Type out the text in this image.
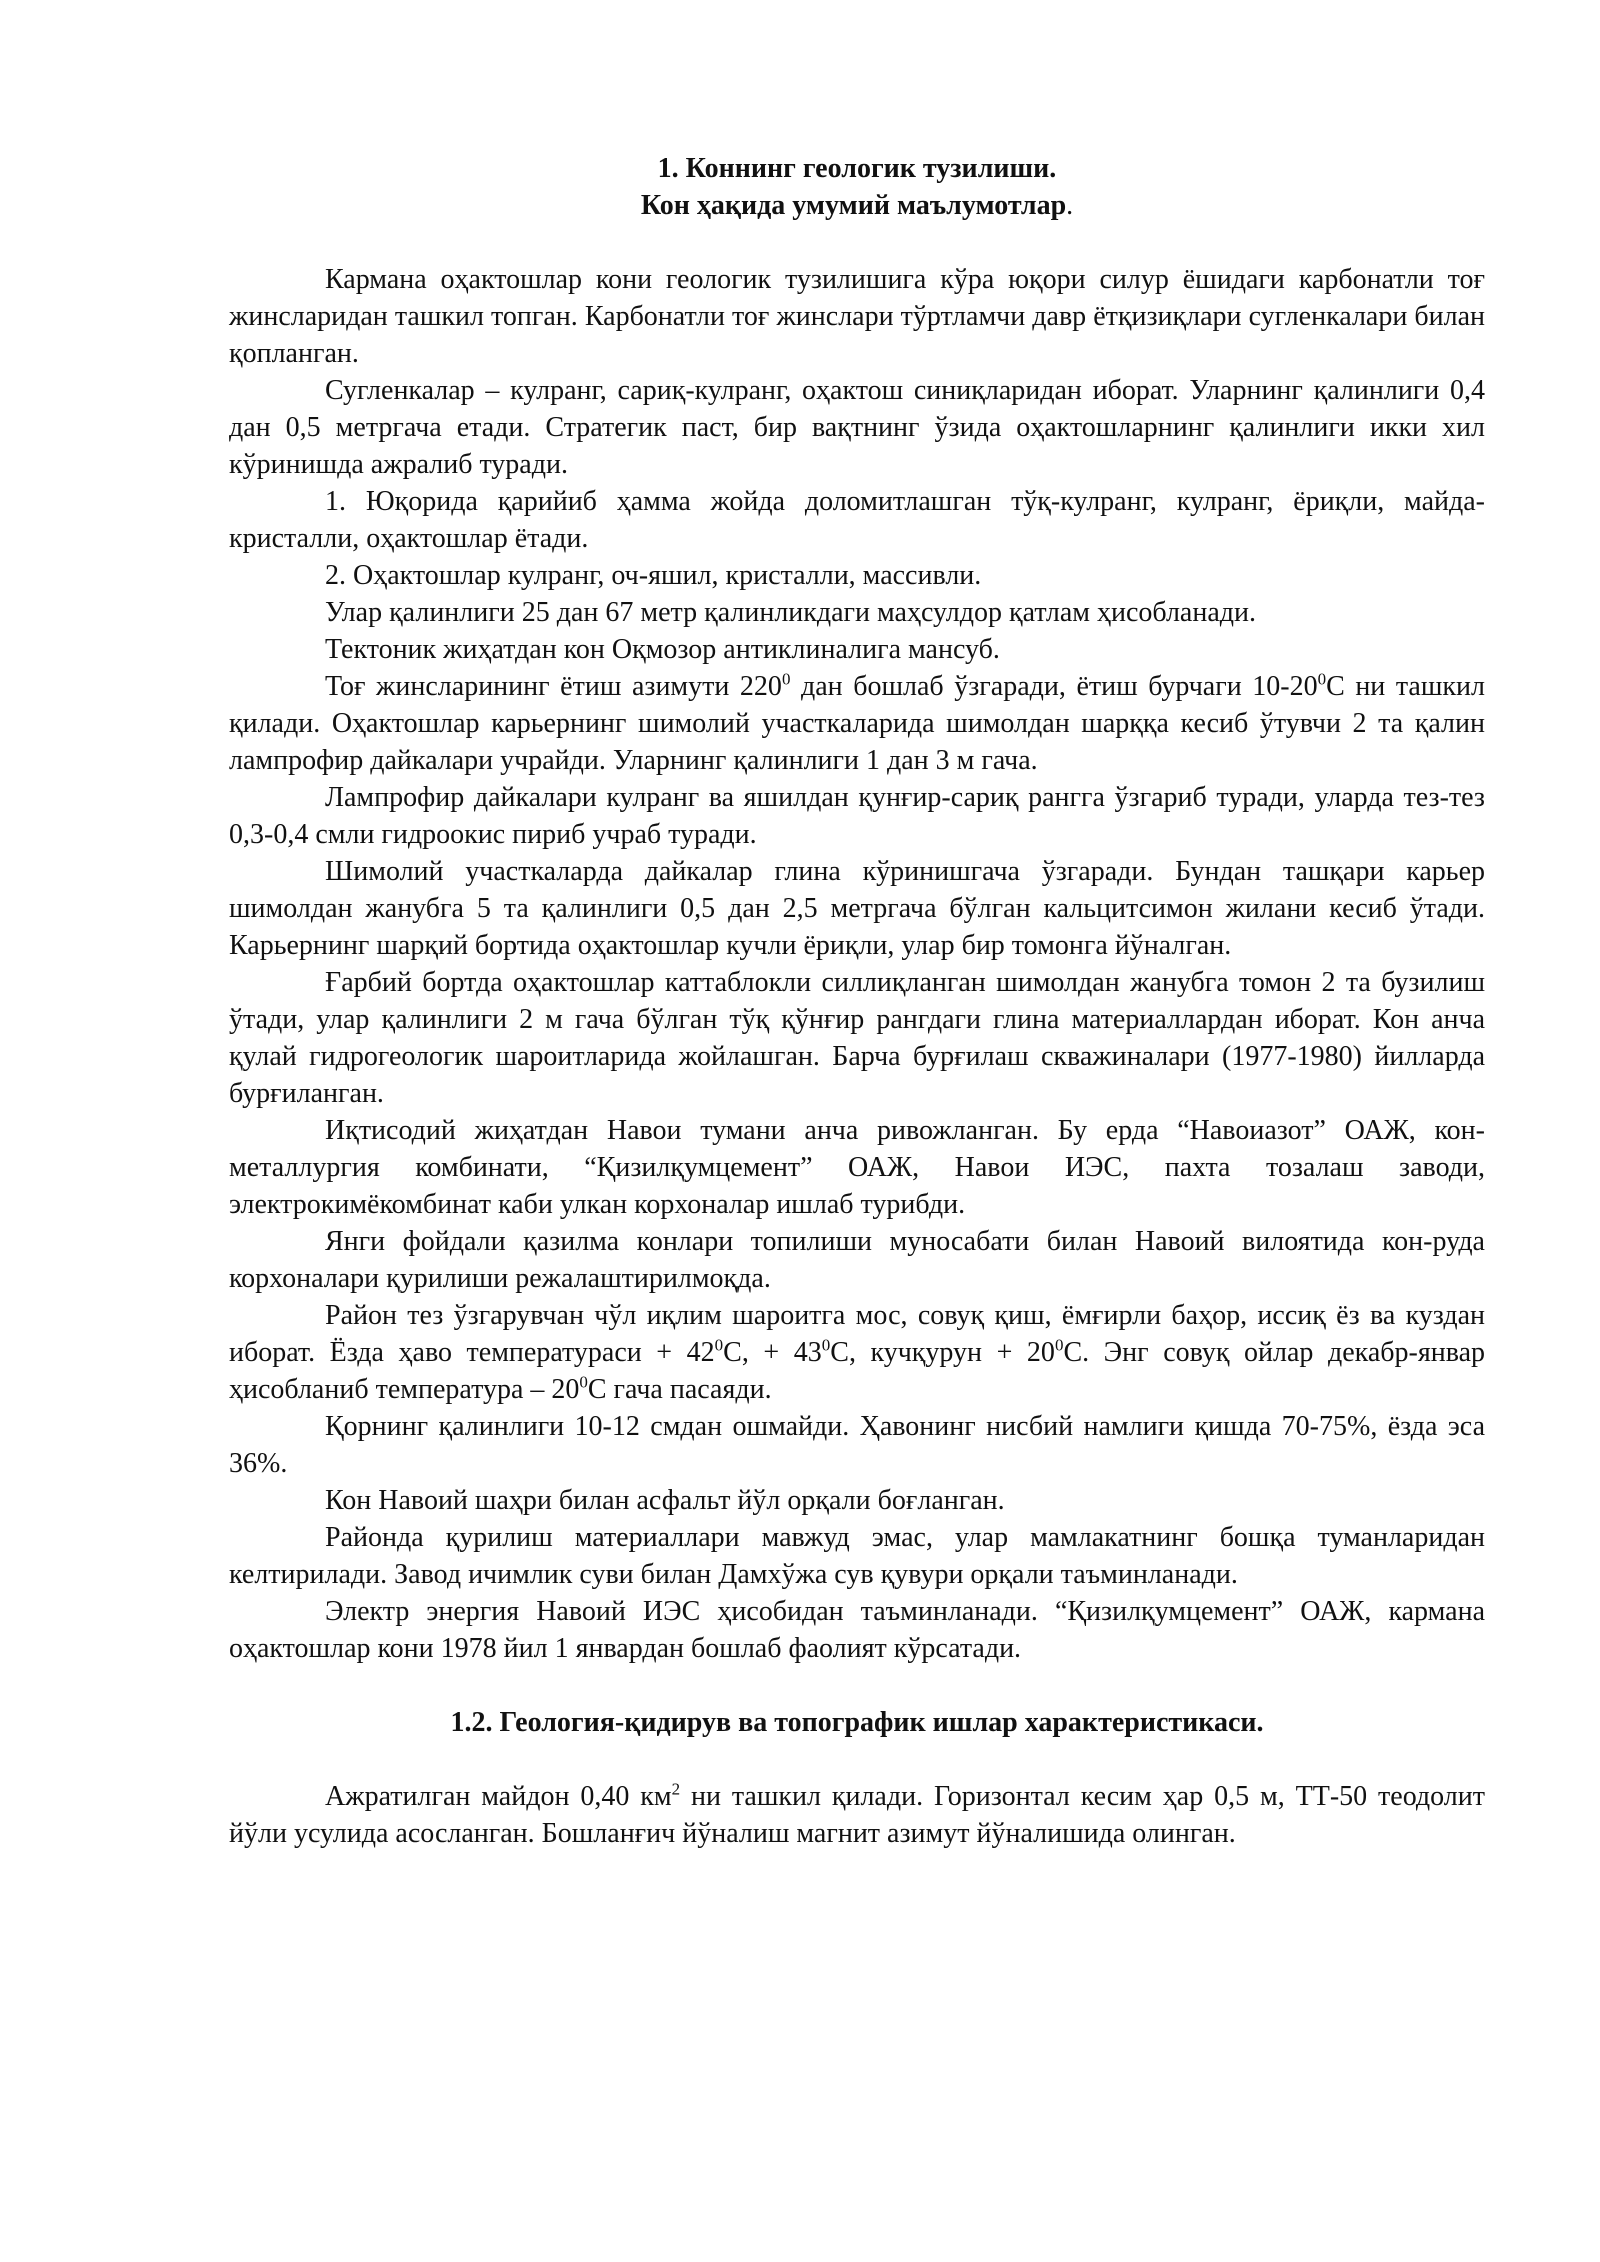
1. Коннинг геологик тузилиши.
Кон ҳақида умумий маълумотлар.

Кармана оҳактошлар кони геологик тузилишига кўра юқори силур ёшидаги карбонатли тоғ жинсларидан ташкил топган. Карбонатли тоғ жинслари тўртламчи давр ётқизиқлари сугленкалари билан қопланган.

Сугленкалар – кулранг, сариқ-кулранг, оҳактош синиқларидан иборат. Уларнинг қалинлиги 0,4 дан 0,5 метргача етади. Стратегик паст, бир вақтнинг ўзида оҳактошларнинг қалинлиги икки хил кўринишда ажралиб туради.

1. Юқорида қарийиб ҳамма жойда доломитлашган тўқ-кулранг, кулранг, ёриқли, майда-кристалли, оҳактошлар ётади.

2. Оҳактошлар кулранг, оч-яшил, кристалли, массивли.

Улар қалинлиги 25 дан 67 метр қалинликдаги маҳсулдор қатлам ҳисобланади.

Тектоник жиҳатдан кон Оқмозор антиклиналига мансуб.

Тоғ жинсларининг ётиш азимути $220^0$ дан бошлаб ўзгаради, ётиш бурчаги $10-20^0С$ ни ташкил қилади. Оҳактошлар карьернинг шимолий участкаларида шимолдан шарққа кесиб ўтувчи 2 та қалин лампрофир дайкалари учрайди. Уларнинг қалинлиги 1 дан 3 м гача.

Лампрофир дайкалари кулранг ва яшилдан қунғир-сариқ рангга ўзгариб туради, уларда тез-тез 0,3-0,4 смли гидроокис пириб учраб туради.

Шимолий участкаларда дайкалар глина кўринишгача ўзгаради. Бундан ташқари карьер шимолдан жанубга 5 та қалинлиги 0,5 дан 2,5 метргача бўлган кальцитсимон жилани кесиб ўтади. Карьернинг шарқий бортида оҳактошлар кучли ёриқли, улар бир томонга йўналган.

Ғарбий бортда оҳактошлар каттаблокли силлиқланган шимолдан жанубга томон 2 та бузилиш ўтади, улар қалинлиги 2 м гача бўлган тўқ қўнғир рангдаги глина материаллардан иборат. Кон анча қулай гидрогеологик шароитларида жойлашган. Барча бурғилаш скважиналари (1977-1980) йилларда бурғиланган.

Иқтисодий жиҳатдан Навои тумани анча ривожланган. Бу ерда “Навоиазот” ОАЖ, кон-металлургия комбинати, “Қизилқумцемент” ОАЖ, Навои ИЭС, пахта тозалаш заводи, электрокимёкомбинат каби улкан корхоналар ишлаб турибди.

Янги фойдали қазилма конлари топилиши муносабати билан Навоий вилоятида кон-руда корхоналари қурилиши режалаштирилмоқда.

Район тез ўзгарувчан чўл иқлим шароитга мос, совуқ қиш, ёмғирли баҳор, иссиқ ёз ва куздан иборат. Ёзда ҳаво температураси + $42^0С$, + $43^0С$, кучқурун + $20^0С$. Энг совуқ ойлар декабр-январ ҳисобланиб температура – $20^0С$ гача пасаяди.

Қорнинг қалинлиги 10-12 смдан ошмайди. Ҳавонинг нисбий намлиги қишда 70-75%, ёзда эса 36%.

Кон Навоий шаҳри билан асфальт йўл орқали боғланган.

Районда қурилиш материаллари мавжуд эмас, улар мамлакатнинг бошқа туманларидан келтирилади. Завод ичимлик суви билан Дамхўжа сув қувури орқали таъминланади.

Электр энергия Навоий ИЭС ҳисобидан таъминланади. “Қизилқумцемент” ОАЖ, кармана оҳактошлар кони 1978 йил 1 январдан бошлаб фаолият кўрсатади.

1.2. Геология-қидирув ва топографик ишлар характеристикаси.

Ажратилган майдон 0,40 $км^2$ ни ташкил қилади. Горизонтал кесим ҳар 0,5 м, ТТ-50 теодолит йўли усулида асосланган. Бошланғич йўналиш магнит азимут йўналишида олинган.
